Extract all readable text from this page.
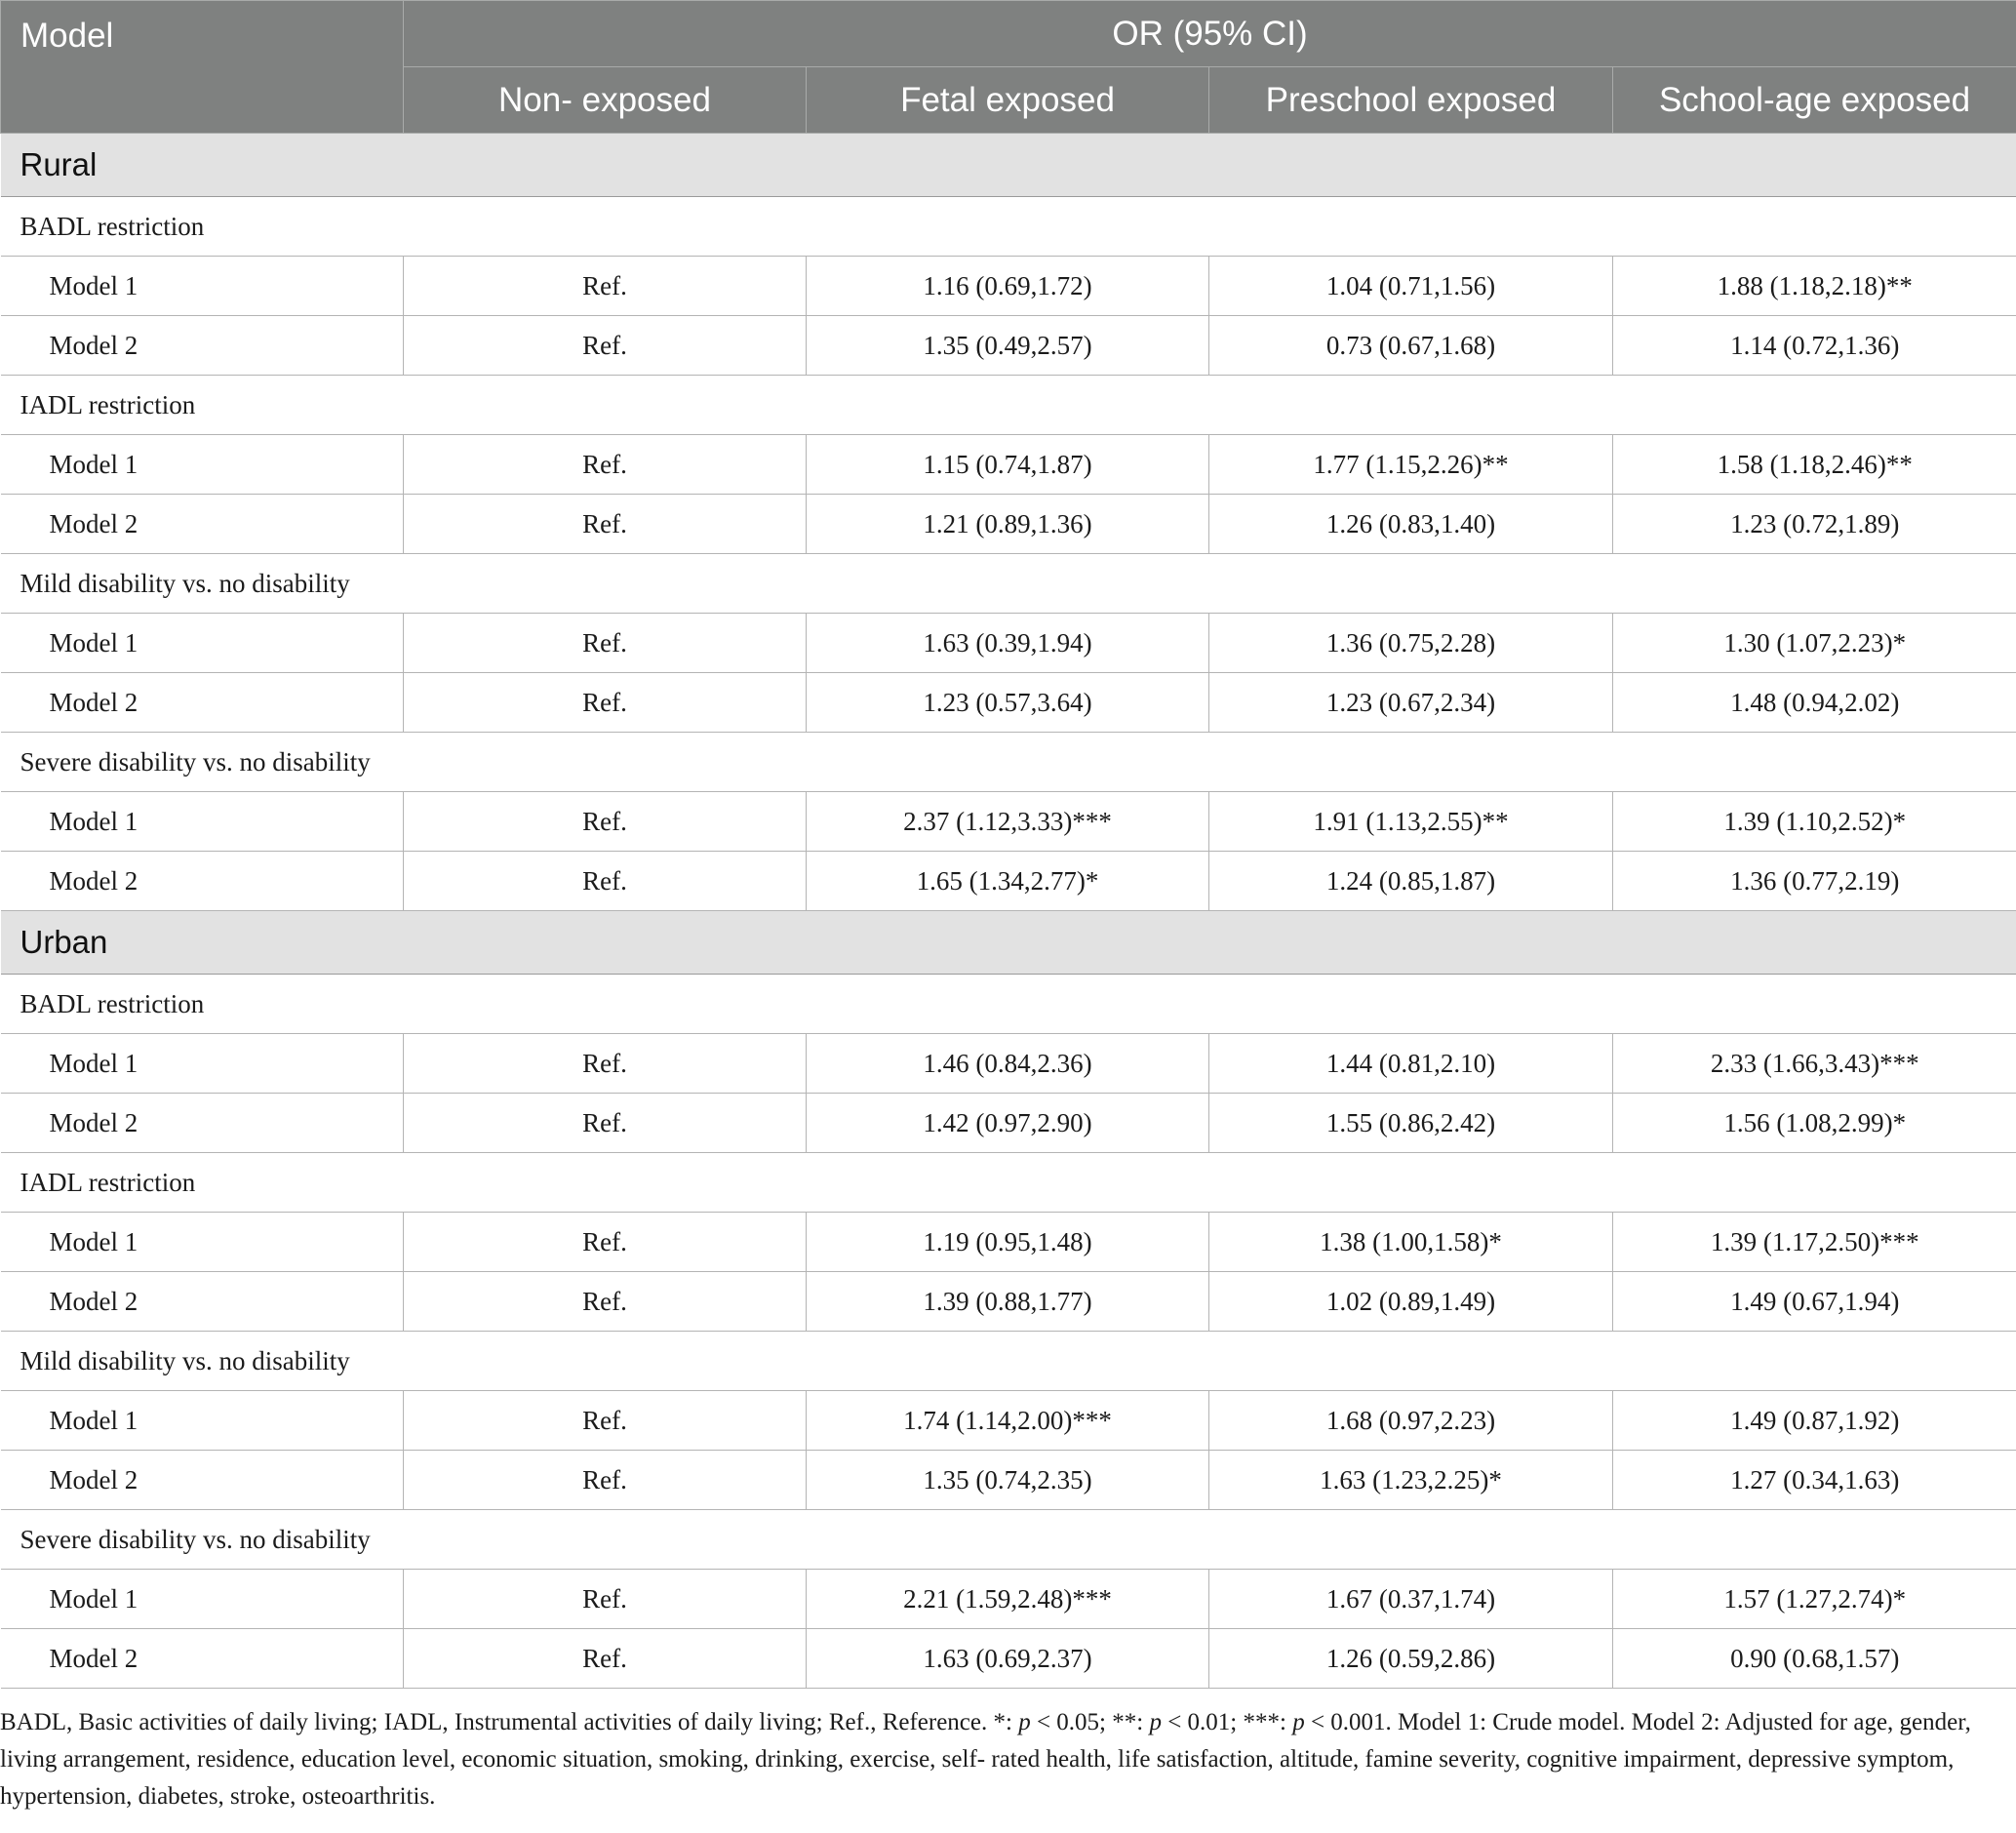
Model	OR (95% CI)			
	Non- exposed	Fetal exposed	Preschool exposed	School-age exposed
Rural				
BADL restriction				
Model 1	Ref.	1.16 (0.69,1.72)	1.04 (0.71,1.56)	1.88 (1.18,2.18)**
Model 2	Ref.	1.35 (0.49,2.57)	0.73 (0.67,1.68)	1.14 (0.72,1.36)
IADL restriction				
Model 1	Ref.	1.15 (0.74,1.87)	1.77 (1.15,2.26)**	1.58 (1.18,2.46)**
Model 2	Ref.	1.21 (0.89,1.36)	1.26 (0.83,1.40)	1.23 (0.72,1.89)
Mild disability vs. no disability				
Model 1	Ref.	1.63 (0.39,1.94)	1.36 (0.75,2.28)	1.30 (1.07,2.23)*
Model 2	Ref.	1.23 (0.57,3.64)	1.23 (0.67,2.34)	1.48 (0.94,2.02)
Severe disability vs. no disability				
Model 1	Ref.	2.37 (1.12,3.33)***	1.91 (1.13,2.55)**	1.39 (1.10,2.52)*
Model 2	Ref.	1.65 (1.34,2.77)*	1.24 (0.85,1.87)	1.36 (0.77,2.19)
Urban				
BADL restriction				
Model 1	Ref.	1.46 (0.84,2.36)	1.44 (0.81,2.10)	2.33 (1.66,3.43)***
Model 2	Ref.	1.42 (0.97,2.90)	1.55 (0.86,2.42)	1.56 (1.08,2.99)*
IADL restriction				
Model 1	Ref.	1.19 (0.95,1.48)	1.38 (1.00,1.58)*	1.39 (1.17,2.50)***
Model 2	Ref.	1.39 (0.88,1.77)	1.02 (0.89,1.49)	1.49 (0.67,1.94)
Mild disability vs. no disability				
Model 1	Ref.	1.74 (1.14,2.00)***	1.68 (0.97,2.23)	1.49 (0.87,1.92)
Model 2	Ref.	1.35 (0.74,2.35)	1.63 (1.23,2.25)*	1.27 (0.34,1.63)
Severe disability vs. no disability				
Model 1	Ref.	2.21 (1.59,2.48)***	1.67 (0.37,1.74)	1.57 (1.27,2.74)*
Model 2	Ref.	1.63 (0.69,2.37)	1.26 (0.59,2.86)	0.90 (0.68,1.57)

BADL, Basic activities of daily living; IADL, Instrumental activities of daily living; Ref., Reference. *: p < 0.05; **: p < 0.01; ***: p < 0.001. Model 1: Crude model. Model 2: Adjusted for age, gender, living arrangement, residence, education level, economic situation, smoking, drinking, exercise, self- rated health, life satisfaction, altitude, famine severity, cognitive impairment, depressive symptom, hypertension, diabetes, stroke, osteoarthritis.
